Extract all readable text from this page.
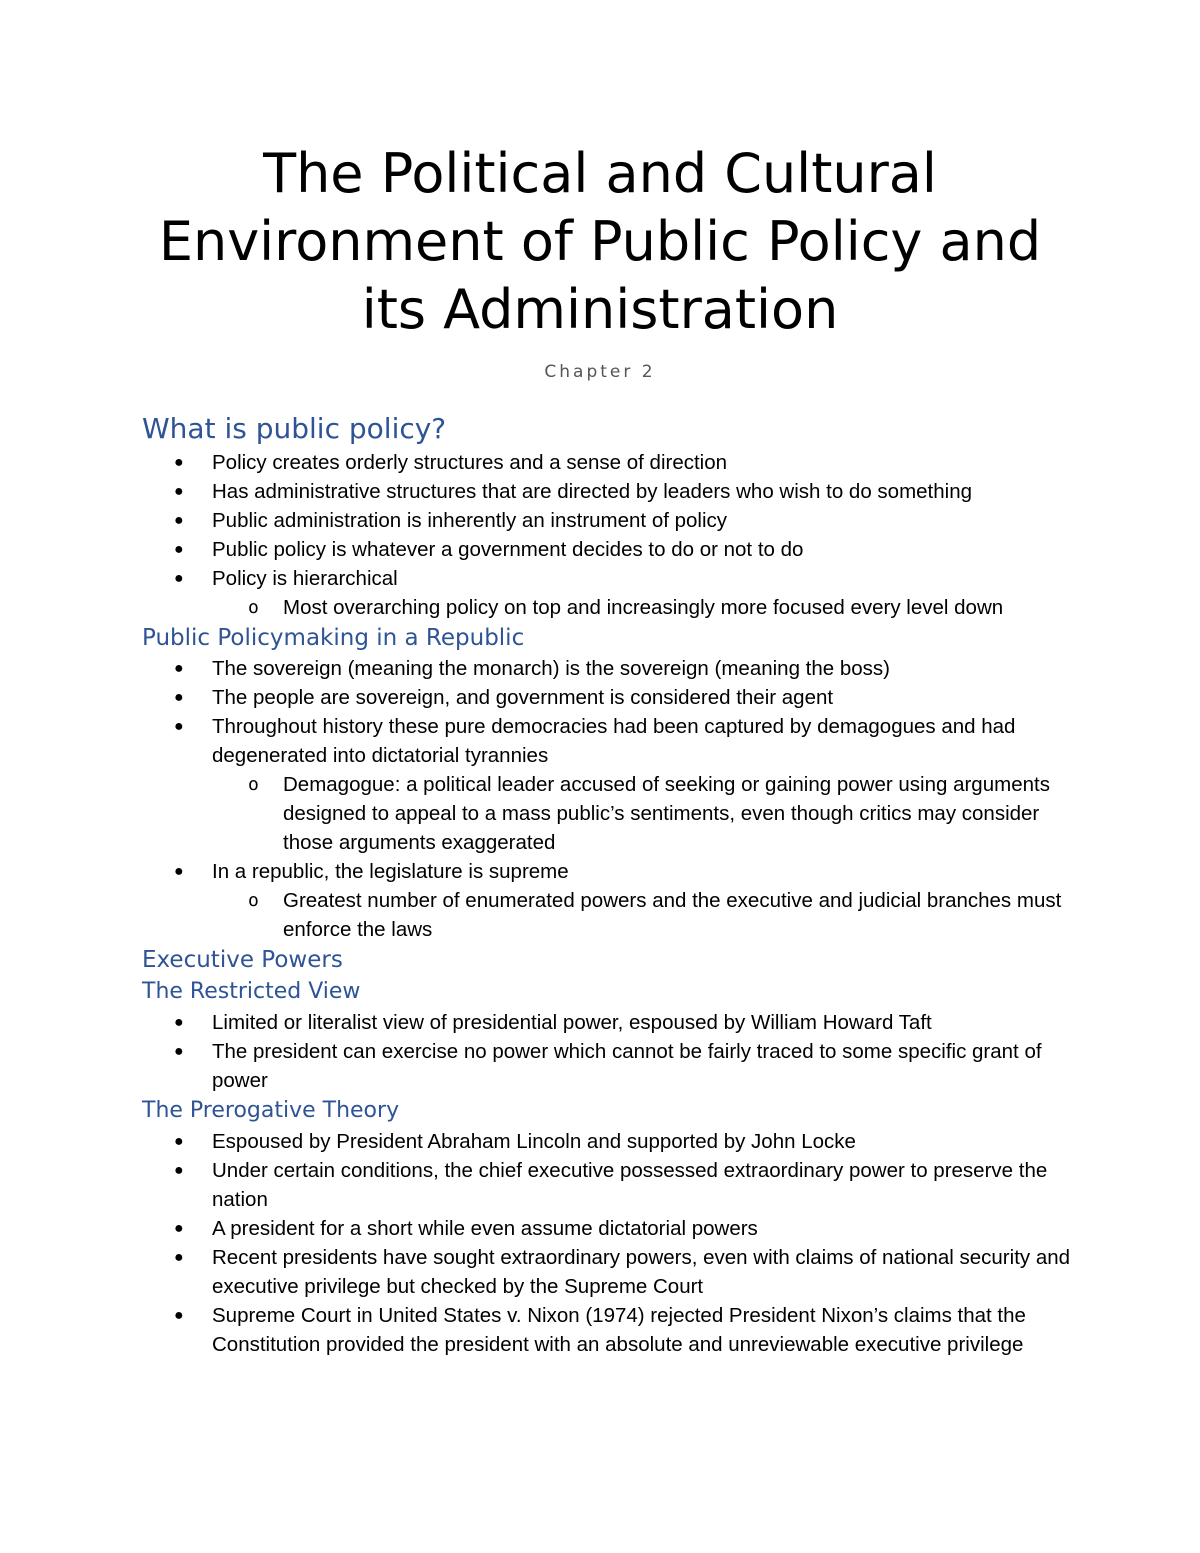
The Political and Cultural
Environment of Public Policy and
its Administration
Chapter 2
What is public policy?
● Policy creates orderly structures and a sense of direction
● Has administrative structures that are directed by leaders who wish to do something
● Public administration is inherently an instrument of policy
● Public policy is whatever a government decides to do or not to do
● Policy is hierarchical
o Most overarching policy on top and increasingly more focused every level down
Public Policymaking in a Republic
● The sovereign (meaning the monarch) is the sovereign (meaning the boss)
● The people are sovereign, and government is considered their agent
● Throughout history these pure democracies had been captured by demagogues and had degenerated into dictatorial tyrannies
o Demagogue: a political leader accused of seeking or gaining power using arguments designed to appeal to a mass public’s sentiments, even though critics may consider those arguments exaggerated
● In a republic, the legislature is supreme
o Greatest number of enumerated powers and the executive and judicial branches must enforce the laws
Executive Powers
The Restricted View
● Limited or literalist view of presidential power, espoused by William Howard Taft
● The president can exercise no power which cannot be fairly traced to some specific grant of power
The Prerogative Theory
● Espoused by President Abraham Lincoln and supported by John Locke
● Under certain conditions, the chief executive possessed extraordinary power to preserve the nation
● A president for a short while even assume dictatorial powers
● Recent presidents have sought extraordinary powers, even with claims of national security and executive privilege but checked by the Supreme Court
● Supreme Court in United States v. Nixon (1974) rejected President Nixon’s claims that the Constitution provided the president with an absolute and unreviewable executive privilege
